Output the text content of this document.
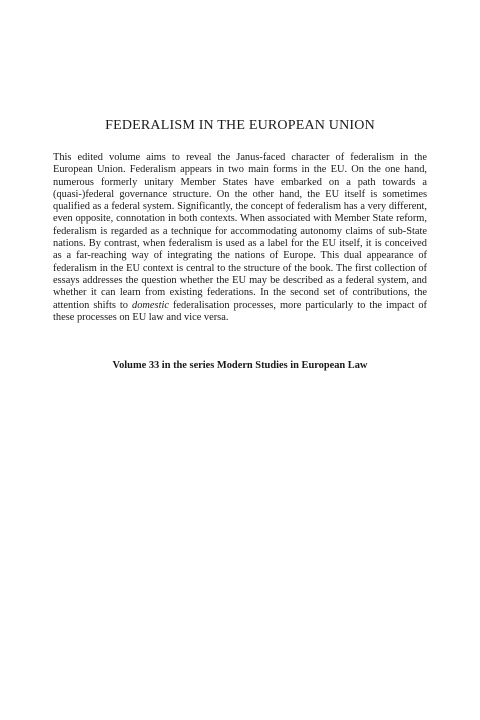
FEDERALISM IN THE EUROPEAN UNION

This edited volume aims to reveal the Janus-faced character of federalism in the European Union. Federalism appears in two main forms in the EU. On the one hand, numerous formerly unitary Member States have embarked on a path towards a (quasi-)federal governance structure. On the other hand, the EU itself is sometimes qualified as a federal system. Significantly, the concept of federalism has a very different, even opposite, connotation in both contexts. When associated with Member State reform, federalism is regarded as a technique for accommodating autonomy claims of sub-State nations. By contrast, when federalism is used as a label for the EU itself, it is conceived as a far-reaching way of integrating the nations of Europe. This dual appearance of federalism in the EU context is central to the structure of the book. The first collection of essays addresses the question whether the EU may be described as a federal system, and whether it can learn from existing federations. In the second set of contributions, the attention shifts to domestic federalisation processes, more particularly to the impact of these processes on EU law and vice versa.

Volume 33 in the series Modern Studies in European Law
